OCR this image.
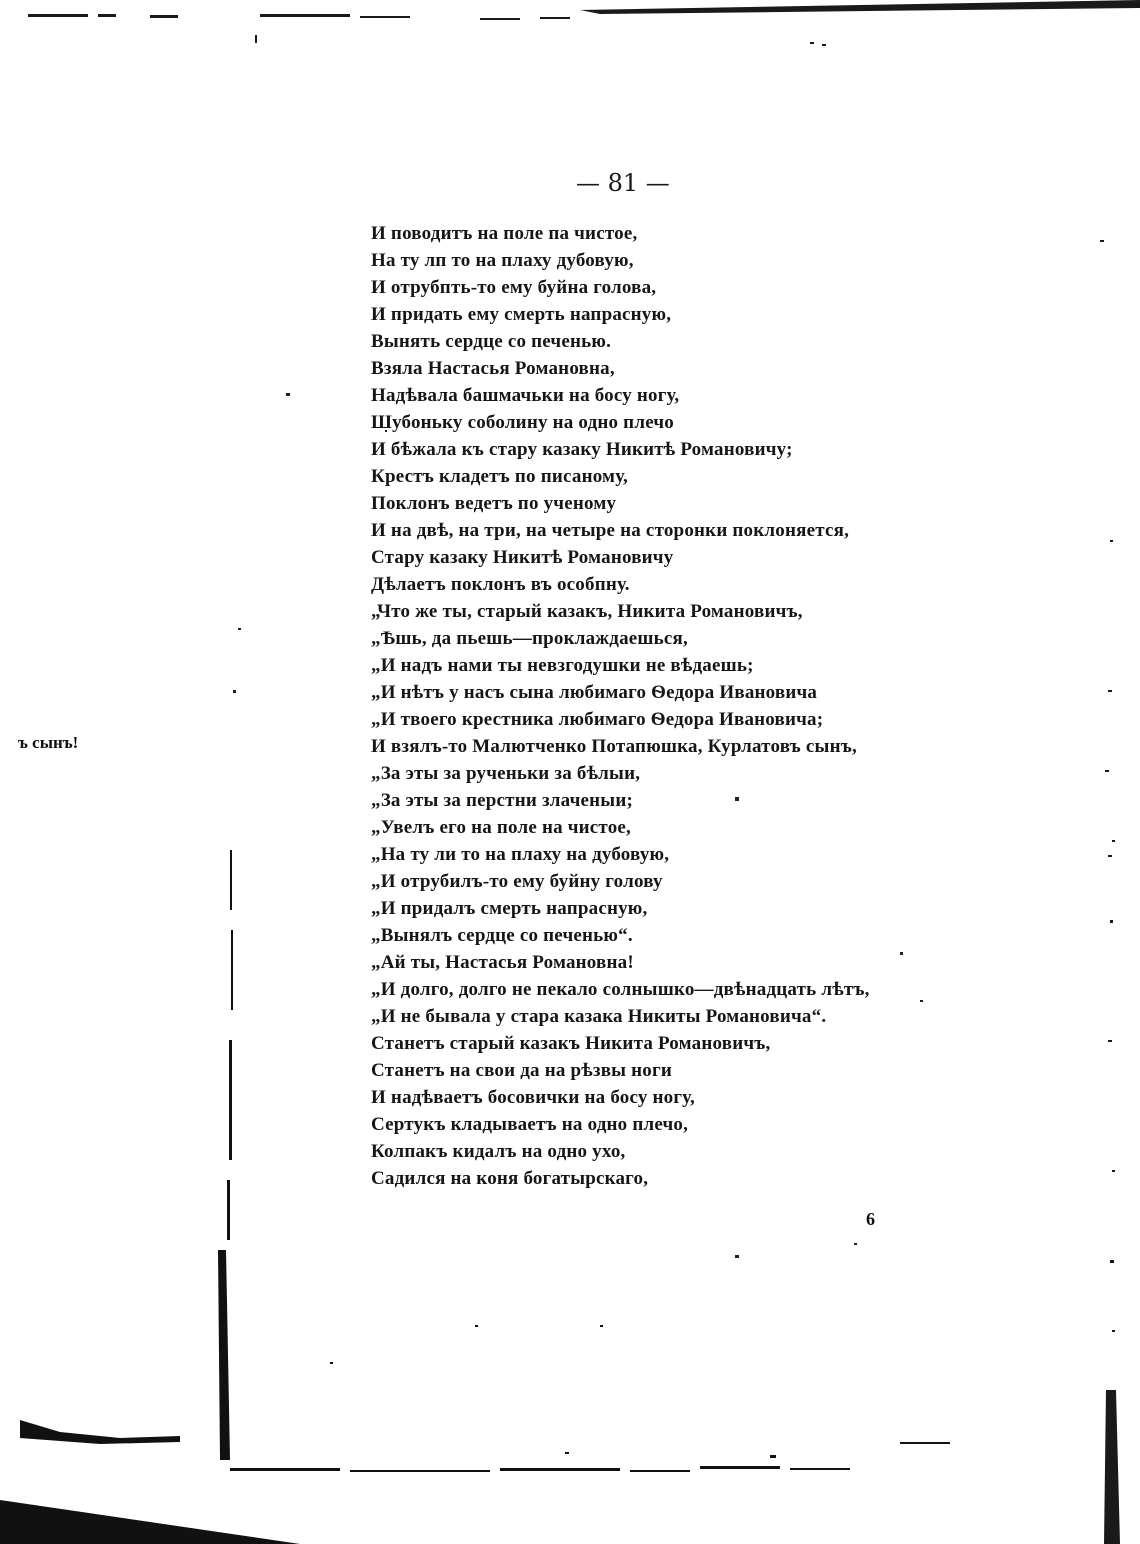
— 81 —
ъ сынъ!
И поводитъ на поле па чистое,
На ту лп то на плаху дубовую,
И отрубпть-то ему буйна голова,
И придать ему смерть напрасную,
Вынять сердце со печенью.
Взяла Настасья Романовна,
Надѣвала башмачьки на босу ногу,
Шубоньку соболину на одно плечо
И бѣжала къ стару казаку Никитѣ Романовичу;
Крестъ кладетъ по писаному,
Поклонъ ведетъ по ученому
И на двѣ, на три, на четыре на сторонки поклоняется,
Стару казаку Никитѣ Романовичу
Дѣлаетъ поклонъ въ особпну.
„Что же ты, старый казакъ, Никита Романовичъ,
„Ѣшь, да пьешь—проклаждаешься,
„И надъ нами ты невзгодушки не вѣдаешь;
„И нѣтъ у насъ сына любимаго Ѳедора Ивановича
„И твоего крестника любимаго Ѳедора Ивановича;
И взялъ-то Малютченко Потапюшка, Курлатовъ сынъ,
„За эты за рученьки за бѣлыи,
„За эты за перстни злаченыи;
„Увелъ его на поле на чистое,
„На ту ли то на плаху на дубовую,
„И отрубилъ-то ему буйну голову
„И придалъ смерть напрасную,
„Вынялъ сердце со печенью“.
„Ай ты, Настасья Романовна!
„И долго, долго не пекало солнышко—двѣнадцать лѣтъ,
„И не бывала у стара казака Никиты Романовича“.
Станетъ старый казакъ Никита Романовичъ,
Станетъ на свои да на рѣзвы ноги
И надѣваетъ босовички на босу ногу,
Сертукъ кладываетъ на одно плечо,
Колпакъ кидалъ на одно ухо,
Садился на коня богатырскаго,
6
